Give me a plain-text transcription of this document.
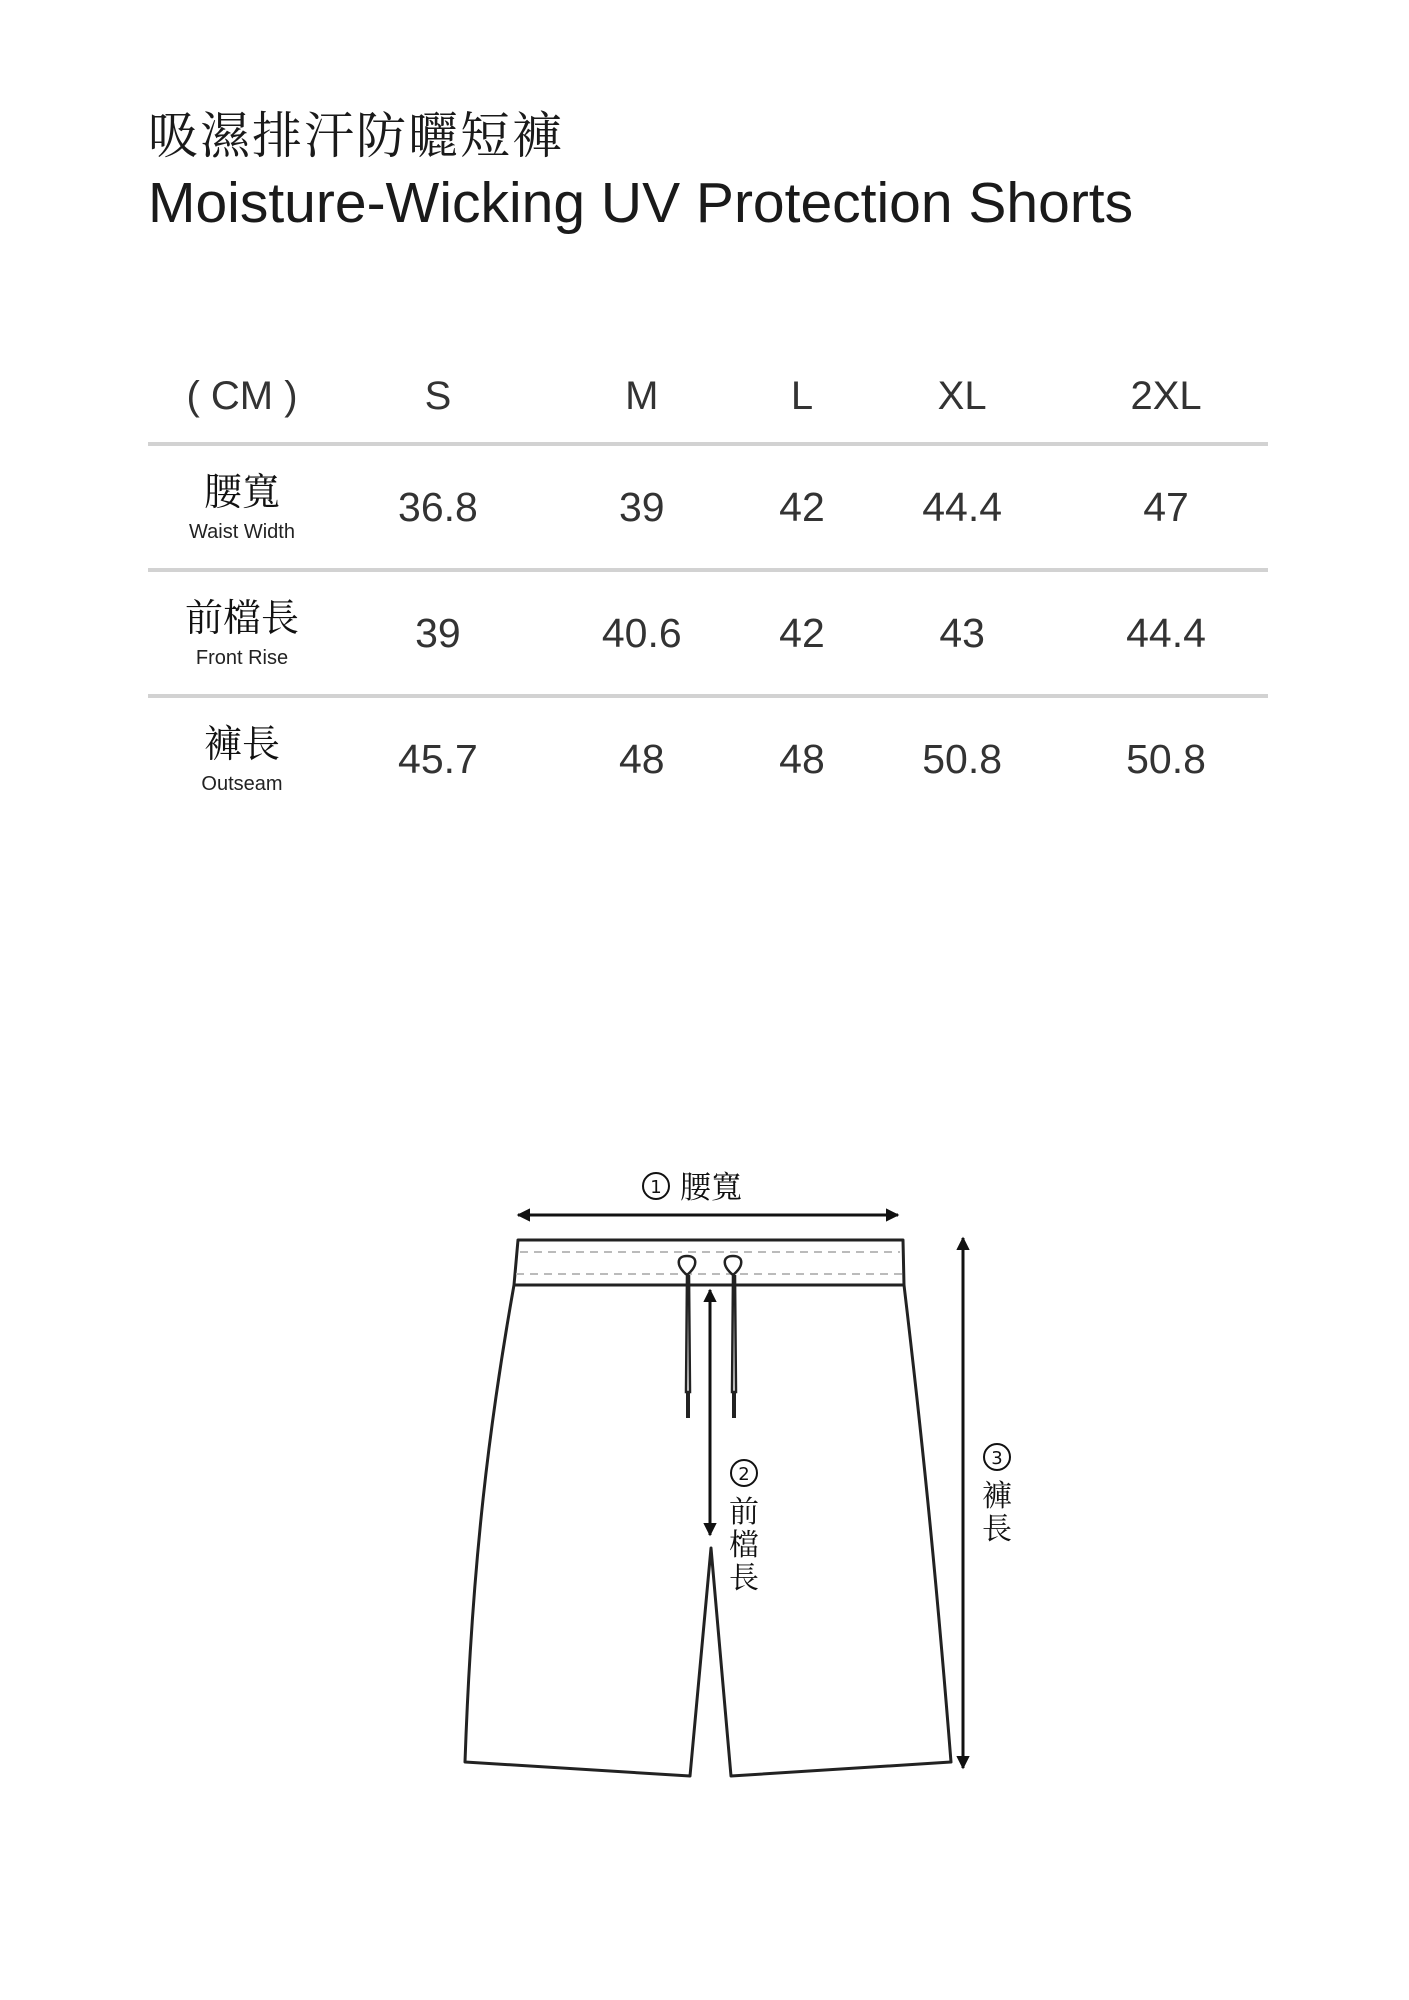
吸濕排汗防曬短褲
Moisture-Wicking UV Protection Shorts
( CM )	S	M	L	XL	2XL

腰寬
Waist Width	36.8	39	42	44.4	47

前檔長
Front Rise	39	40.6	42	43	44.4

褲長
Outseam	45.7	48	48	50.8	50.8
1 腰寬
2
前
檔
長
3
褲
長
